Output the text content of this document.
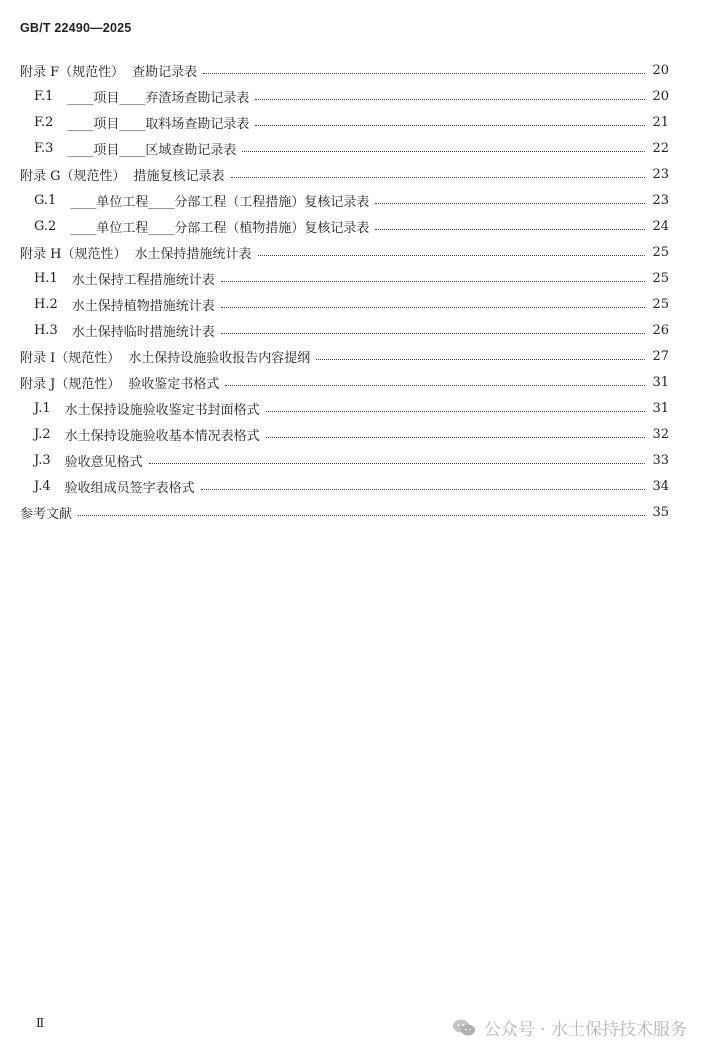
GB/T 22490—2025
附录 F（规范性） 查勘记录表	20
F.1 ____项目____弃渣场查勘记录表	20
F.2 ____项目____取料场查勘记录表	21
F.3 ____项目____区域查勘记录表	22
附录 G（规范性） 措施复核记录表	23
G.1 ____单位工程____分部工程（工程措施）复核记录表	23
G.2 ____单位工程____分部工程（植物措施）复核记录表	24
附录 H（规范性） 水土保持措施统计表	25
H.1 水土保持工程措施统计表	25
H.2 水土保持植物措施统计表	25
H.3 水土保持临时措施统计表	26
附录 I（规范性） 水土保持设施验收报告内容提纲	27
附录 J（规范性） 验收鉴定书格式	31
J.1 水土保持设施验收鉴定书封面格式	31
J.2 水土保持设施验收基本情况表格式	32
J.3 验收意见格式	33
J.4 验收组成员签字表格式	34
参考文献	35
Ⅱ	公众号 · 水土保持技术服务
